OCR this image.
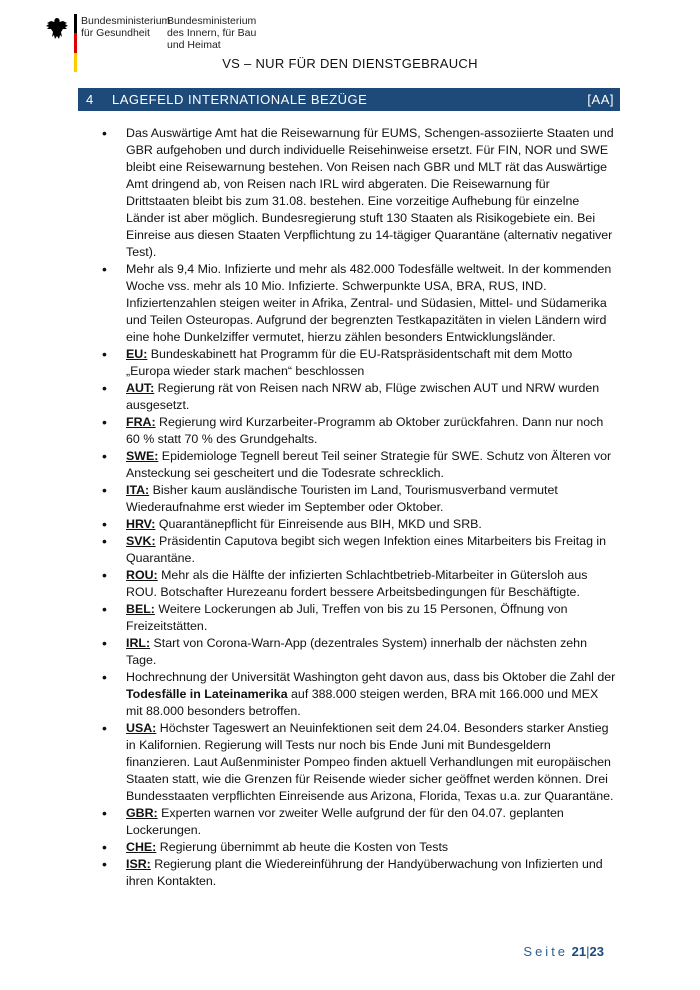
Bundesministerium
für Gesundheit
Bundesministerium
des Innern, für Bau
und Heimat
VS – NUR FÜR DEN DIENSTGEBRAUCH
4 LAGEFELD INTERNATIONALE BEZÜGE	[AA]
• Das Auswärtige Amt hat die Reisewarnung für EUMS, Schengen-assoziierte Staaten und GBR aufgehoben und durch individuelle Reisehinweise ersetzt. Für FIN, NOR und SWE bleibt eine Reisewarnung bestehen. Von Reisen nach GBR und MLT rät das Auswärtige Amt dringend ab, von Reisen nach IRL wird abgeraten. Die Reisewarnung für Drittstaaten bleibt bis zum 31.08. bestehen. Eine vorzeitige Aufhebung für einzelne Länder ist aber möglich. Bundesregierung stuft 130 Staaten als Risikogebiete ein. Bei Einreise aus diesen Staaten Verpflichtung zu 14-tägiger Quarantäne (alternativ negativer Test).
• Mehr als 9,4 Mio. Infizierte und mehr als 482.000 Todesfälle weltweit. In der kommenden Woche vss. mehr als 10 Mio. Infizierte. Schwerpunkte USA, BRA, RUS, IND. Infiziertenzahlen steigen weiter in Afrika, Zentral- und Südasien, Mittel- und Südamerika und Teilen Osteuropas. Aufgrund der begrenzten Testkapazitäten in vielen Ländern wird eine hohe Dunkelziffer vermutet, hierzu zählen besonders Entwicklungsländer.
• EU: Bundeskabinett hat Programm für die EU-Ratspräsidentschaft mit dem Motto „Europa wieder stark machen“ beschlossen
• AUT: Regierung rät von Reisen nach NRW ab, Flüge zwischen AUT und NRW wurden ausgesetzt.
• FRA: Regierung wird Kurzarbeiter-Programm ab Oktober zurückfahren. Dann nur noch 60 % statt 70 % des Grundgehalts.
• SWE: Epidemiologe Tegnell bereut Teil seiner Strategie für SWE. Schutz von Älteren vor Ansteckung sei gescheitert und die Todesrate schrecklich.
• ITA: Bisher kaum ausländische Touristen im Land, Tourismusverband vermutet Wiederaufnahme erst wieder im September oder Oktober.
• HRV: Quarantänepflicht für Einreisende aus BIH, MKD und SRB.
• SVK: Präsidentin Caputova begibt sich wegen Infektion eines Mitarbeiters bis Freitag in Quarantäne.
• ROU: Mehr als die Hälfte der infizierten Schlachtbetrieb-Mitarbeiter in Gütersloh aus ROU. Botschafter Hurezeanu fordert bessere Arbeitsbedingungen für Beschäftigte.
• BEL: Weitere Lockerungen ab Juli, Treffen von bis zu 15 Personen, Öffnung von Freizeitstätten.
• IRL: Start von Corona-Warn-App (dezentrales System) innerhalb der nächsten zehn Tage.
• Hochrechnung der Universität Washington geht davon aus, dass bis Oktober die Zahl der Todesfälle in Lateinamerika auf 388.000 steigen werden, BRA mit 166.000 und MEX mit 88.000 besonders betroffen.
• USA: Höchster Tageswert an Neuinfektionen seit dem 24.04. Besonders starker Anstieg in Kalifornien. Regierung will Tests nur noch bis Ende Juni mit Bundesgeldern finanzieren. Laut Außenminister Pompeo finden aktuell Verhandlungen mit europäischen Staaten statt, wie die Grenzen für Reisende wieder sicher geöffnet werden können. Drei Bundesstaaten verpflichten Einreisende aus Arizona, Florida, Texas u.a. zur Quarantäne.
• GBR: Experten warnen vor zweiter Welle aufgrund der für den 04.07. geplanten Lockerungen.
• CHE: Regierung übernimmt ab heute die Kosten von Tests
• ISR: Regierung plant die Wiedereinführung der Handyüberwachung von Infizierten und ihren Kontakten.
Seite 21|23
